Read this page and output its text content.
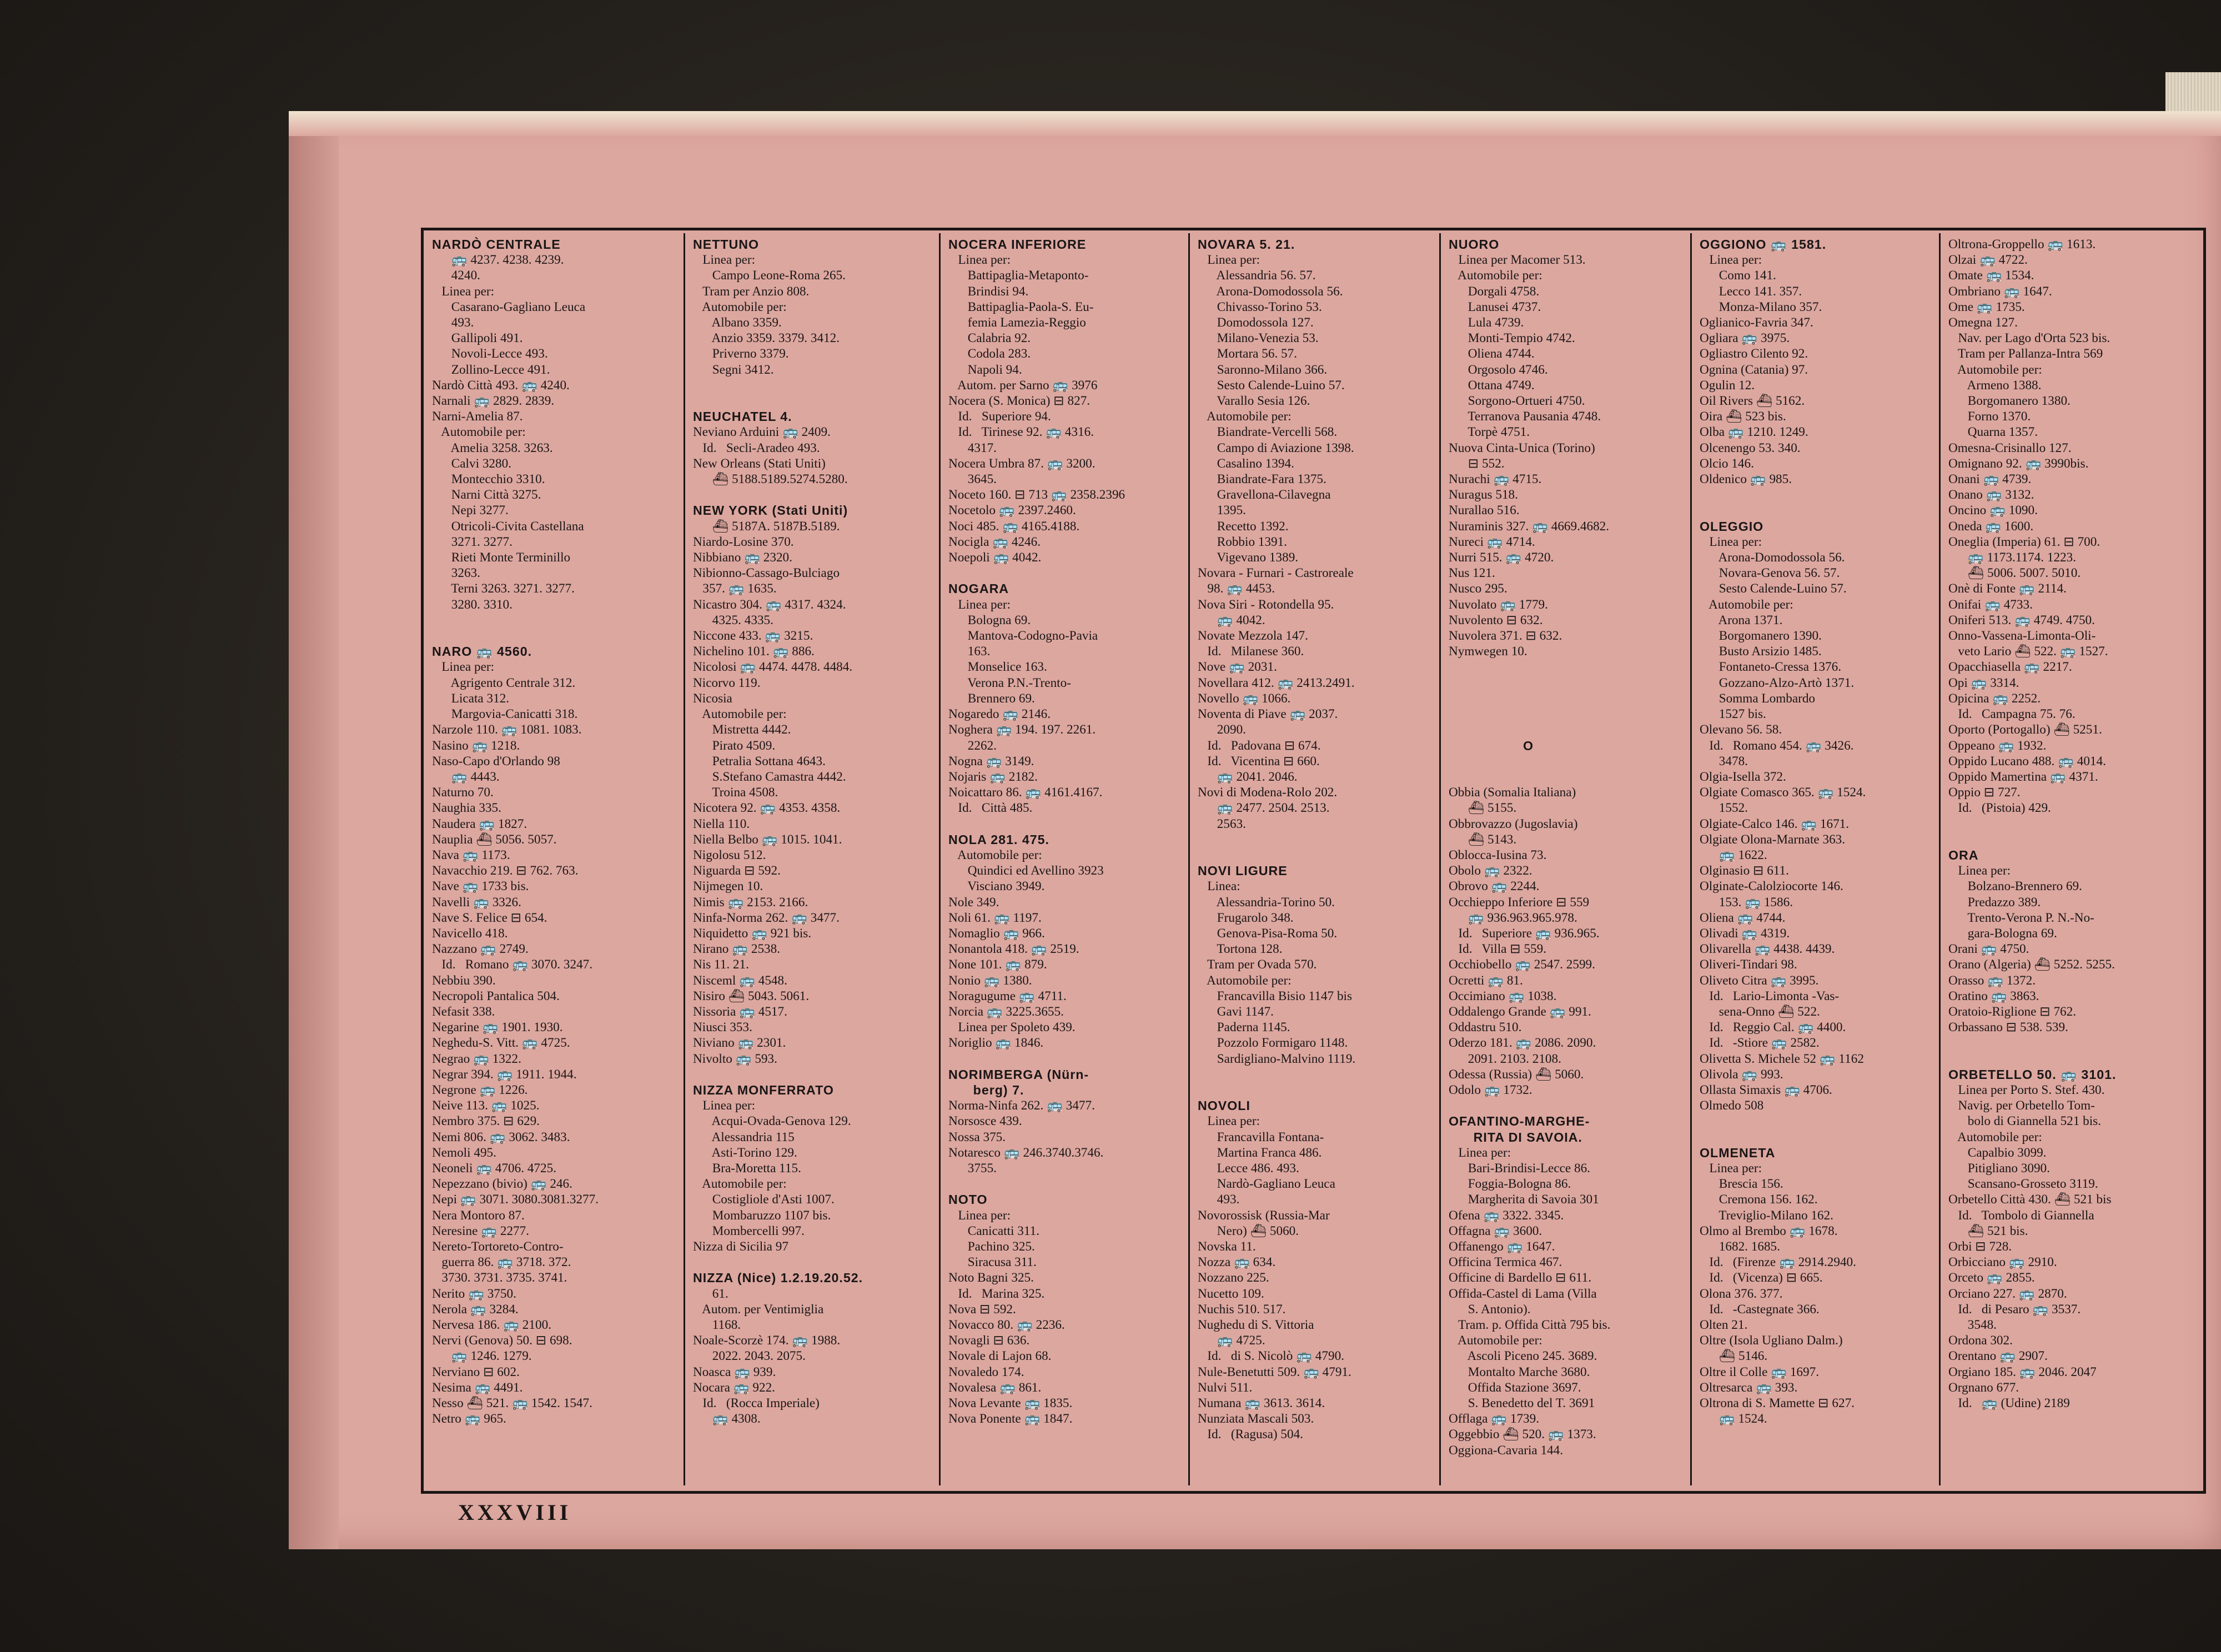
NARDÒ CENTRALE
🚌 4237. 4238. 4239.
4240.
Linea per:
Casarano-Gagliano Leuca
493.
Gallipoli 491.
Novoli-Lecce 493.
Zollino-Lecce 491.
Nardò Città 493. 🚌 4240.
Narnali 🚌 2829. 2839.
Narni-Amelia 87.
Automobile per:
Amelia 3258. 3263.
Calvi 3280.
Montecchio 3310.
Narni Città 3275.
Nepi 3277.
Otricoli-Civita Castellana
3271. 3277.
Rieti Monte Terminillo
3263.
Terni 3263. 3271. 3277.
3280. 3310.

NARO 🚌 4560.
Linea per:
Agrigento Centrale 312.
Licata 312.
Margovia-Canicatti 318.
Narzole 110. 🚌 1081. 1083.
Nasino 🚌 1218.
Naso-Capo d'Orlando 98
🚌 4443.
Naturno 70.
Naughia 335.
Naudera 🚌 1827.
Nauplia ⛴ 5056. 5057.
Nava 🚌 1173.
Navacchio 219. ⊟ 762. 763.
Nave 🚌 1733 bis.
Navelli 🚌 3326.
Nave S. Felice ⊟ 654.
Navicello 418.
Nazzano 🚌 2749.
Id.   Romano 🚌 3070. 3247.
Nebbiu 390.
Necropoli Pantalica 504.
Nefasit 338.
Negarine 🚌 1901. 1930.
Neghedu-S. Vitt. 🚌 4725.
Negrao 🚌 1322.
Negrar 394. 🚌 1911. 1944.
Negrone 🚌 1226.
Neive 113. 🚌 1025.
Nembro 375. ⊟ 629.
Nemi 806. 🚌 3062. 3483.
Nemoli 495.
Neoneli 🚌 4706. 4725.
Nepezzano (bivio) 🚌 246.
Nepi 🚌 3071. 3080.3081.3277.
Nera Montoro 87.
Neresine 🚌 2277.
Nereto-Tortoreto-Contro-
guerra 86. 🚌 3718. 372.
3730. 3731. 3735. 3741.
Nerito 🚌 3750.
Nerola 🚌 3284.
Nervesa 186. 🚌 2100.
Nervi (Genova) 50. ⊟ 698.
🚌 1246. 1279.
Nerviano ⊟ 602.
Nesima 🚌 4491.
Nesso ⛴ 521. 🚌 1542. 1547.
Netro 🚌 965.
NETTUNO
Linea per:
Campo Leone-Roma 265.
Tram per Anzio 808.
Automobile per:
Albano 3359.
Anzio 3359. 3379. 3412.
Priverno 3379.
Segni 3412.

NEUCHATEL 4.
Neviano Arduini 🚌 2409.
Id.   Secli-Aradeo 493.
New Orleans (Stati Uniti)
⛴ 5188.5189.5274.5280.

NEW YORK (Stati Uniti)
⛴ 5187A. 5187B.5189.
Niardo-Losine 370.
Nibbiano 🚌 2320.
Nibionno-Cassago-Bulciago
357. 🚌 1635.
Nicastro 304. 🚌 4317. 4324.
4325. 4335.
Niccone 433. 🚌 3215.
Nichelino 101. 🚌 886.
Nicolosi 🚌 4474. 4478. 4484.
Nicorvo 119.
Nicosia
Automobile per:
Mistretta 4442.
Pirato 4509.
Petralia Sottana 4643.
S.Stefano Camastra 4442.
Troina 4508.
Nicotera 92. 🚌 4353. 4358.
Niella 110.
Niella Belbo 🚌 1015. 1041.
Nigolosu 512.
Niguarda ⊟ 592.
Nijmegen 10.
Nimis 🚌 2153. 2166.
Ninfa-Norma 262. 🚌 3477.
Niquidetto 🚌 921 bis.
Nirano 🚌 2538.
Nis 11. 21.
Nisceml 🚌 4548.
Nisiro ⛴ 5043. 5061.
Nissoria 🚌 4517.
Niusci 353.
Niviano 🚌 2301.
Nivolto 🚌 593.

NIZZA MONFERRATO
Linea per:
Acqui-Ovada-Genova 129.
Alessandria 115
Asti-Torino 129.
Bra-Moretta 115.
Automobile per:
Costigliole d'Asti 1007.
Mombaruzzo 1107 bis.
Mombercelli 997.
Nizza di Sicilia 97

NIZZA (Nice) 1.2.19.20.52.
61.
Autom. per Ventimiglia
1168.
Noale-Scorzè 174. 🚌 1988.
2022. 2043. 2075.
Noasca 🚌 939.
Nocara 🚌 922.
Id.   (Rocca Imperiale)
🚌 4308.
NOCERA INFERIORE
Linea per:
Battipaglia-Metaponto-
Brindisi 94.
Battipaglia-Paola-S. Eu-
femia Lamezia-Reggio
Calabria 92.
Codola 283.
Napoli 94.
Autom. per Sarno 🚌 3976
Nocera (S. Monica) ⊟ 827.
Id.   Superiore 94.
Id.   Tirinese 92. 🚌 4316.
4317.
Nocera Umbra 87. 🚌 3200.
3645.
Noceto 160. ⊟ 713 🚌 2358.2396
Nocetolo 🚌 2397.2460.
Noci 485. 🚌 4165.4188.
Nocigla 🚌 4246.
Noepoli 🚌 4042.

NOGARA
Linea per:
Bologna 69.
Mantova-Codogno-Pavia
163.
Monselice 163.
Verona P.N.-Trento-
Brennero 69.
Nogaredo 🚌 2146.
Noghera 🚌 194. 197. 2261.
2262.
Nogna 🚌 3149.
Nojaris 🚌 2182.
Noicattaro 86. 🚌 4161.4167.
Id.   Città 485.

NOLA 281. 475.
Automobile per:
Quindici ed Avellino 3923
Visciano 3949.
Nole 349.
Noli 61. 🚌 1197.
Nomaglio 🚌 966.
Nonantola 418. 🚌 2519.
None 101. 🚌 879.
Nonio 🚌 1380.
Noragugume 🚌 4711.
Norcia 🚌 3225.3655.
Linea per Spoleto 439.
Noriglio 🚌 1846.

NORIMBERGA (Nürn-
berg) 7.
Norma-Ninfa 262. 🚌 3477.
Norsosce 439.
Nossa 375.
Notaresco 🚌 246.3740.3746.
3755.

NOTO
Linea per:
Canicatti 311.
Pachino 325.
Siracusa 311.
Noto Bagni 325.
Id.   Marina 325.
Nova ⊟ 592.
Novacco 80. 🚌 2236.
Novagli ⊟ 636.
Novale di Lajon 68.
Novaledo 174.
Novalesa 🚌 861.
Nova Levante 🚌 1835.
Nova Ponente 🚌 1847.
NOVARA 5. 21.
Linea per:
Alessandria 56. 57.
Arona-Domodossola 56.
Chivasso-Torino 53.
Domodossola 127.
Milano-Venezia 53.
Mortara 56. 57.
Saronno-Milano 366.
Sesto Calende-Luino 57.
Varallo Sesia 126.
Automobile per:
Biandrate-Vercelli 568.
Campo di Aviazione 1398.
Casalino 1394.
Biandrate-Fara 1375.
Gravellona-Cilavegna
1395.
Recetto 1392.
Robbio 1391.
Vigevano 1389.
Novara - Furnari - Castroreale
98. 🚌 4453.
Nova Siri - Rotondella 95.
🚌 4042.
Novate Mezzola 147.
Id.   Milanese 360.
Nove 🚌 2031.
Novellara 412. 🚌 2413.2491.
Novello 🚌 1066.
Noventa di Piave 🚌 2037.
2090.
Id.   Padovana ⊟ 674.
Id.   Vicentina ⊟ 660.
🚌 2041. 2046.
Novi di Modena-Rolo 202.
🚌 2477. 2504. 2513.
2563.

NOVI LIGURE
Linea:
Alessandria-Torino 50.
Frugarolo 348.
Genova-Pisa-Roma 50.
Tortona 128.
Tram per Ovada 570.
Automobile per:
Francavilla Bisio 1147 bis
Gavi 1147.
Paderna 1145.
Pozzolo Formigaro 1148.
Sardigliano-Malvino 1119.

NOVOLI
Linea per:
Francavilla Fontana-
Martina Franca 486.
Lecce 486. 493.
Nardò-Gagliano Leuca
493.
Novorossisk (Russia-Mar
Nero) ⛴ 5060.
Novska 11.
Nozza 🚌 634.
Nozzano 225.
Nucetto 109.
Nuchis 510. 517.
Nughedu di S. Vittoria
🚌 4725.
Id.   di S. Nicolò 🚌 4790.
Nule-Benetutti 509. 🚌 4791.
Nulvi 511.
Numana 🚌 3613. 3614.
Nunziata Mascali 503.
Id.   (Ragusa) 504.
NUORO
Linea per Macomer 513.
Automobile per:
Dorgali 4758.
Lanusei 4737.
Lula 4739.
Monti-Tempio 4742.
Oliena 4744.
Orgosolo 4746.
Ottana 4749.
Sorgono-Ortueri 4750.
Terranova Pausania 4748.
Torpè 4751.
Nuova Cinta-Unica (Torino)
⊟ 552.
Nurachi 🚌 4715.
Nuragus 518.
Nurallao 516.
Nuraminis 327. 🚌 4669.4682.
Nureci 🚌 4714.
Nurri 515. 🚌 4720.
Nus 121.
Nusco 295.
Nuvolato 🚌 1779.
Nuvolento ⊟ 632.
Nuvolera 371. ⊟ 632.
Nymwegen 10.

O

Obbia (Somalia Italiana)
⛴ 5155.
Obbrovazzo (Jugoslavia)
⛴ 5143.
Oblocca-Iusina 73.
Obolo 🚌 2322.
Obrovo 🚌 2244.
Occhieppo Inferiore ⊟ 559
🚌 936.963.965.978.
Id.   Superiore 🚌 936.965.
Id.   Villa ⊟ 559.
Occhiobello 🚌 2547. 2599.
Ocretti 🚌 81.
Occimiano 🚌 1038.
Oddalengo Grande 🚌 991.
Oddastru 510.
Oderzo 181. 🚌 2086. 2090.
2091. 2103. 2108.
Odessa (Russia) ⛴ 5060.
Odolo 🚌 1732.

OFANTINO-MARGHE-
RITA DI SAVOIA.
Linea per:
Bari-Brindisi-Lecce 86.
Foggia-Bologna 86.
Margherita di Savoia 301
Ofena 🚌 3322. 3345.
Offagna 🚌 3600.
Offanengo 🚌 1647.
Officina Termica 467.
Officine di Bardello ⊟ 611.
Offida-Castel di Lama (Villa
S. Antonio).
Tram. p. Offida Città 795 bis.
Automobile per:
Ascoli Piceno 245. 3689.
Montalto Marche 3680.
Offida Stazione 3697.
S. Benedetto del T. 3691
Offlaga 🚌 1739.
Oggebbio ⛴ 520. 🚌 1373.
Oggiona-Cavaria 144.
OGGIONO 🚌 1581.
Linea per:
Como 141.
Lecco 141. 357.
Monza-Milano 357.
Oglianico-Favria 347.
Ogliara 🚌 3975.
Ogliastro Cilento 92.
Ognina (Catania) 97.
Ogulin 12.
Oil Rivers ⛴ 5162.
Oira ⛴ 523 bis.
Olba 🚌 1210. 1249.
Olcenengo 53. 340.
Olcio 146.
Oldenico 🚌 985.

OLEGGIO
Linea per:
Arona-Domodossola 56.
Novara-Genova 56. 57.
Sesto Calende-Luino 57.
Automobile per:
Arona 1371.
Borgomanero 1390.
Busto Arsizio 1485.
Fontaneto-Cressa 1376.
Gozzano-Alzo-Artò 1371.
Somma Lombardo
1527 bis.
Olevano 56. 58.
Id.   Romano 454. 🚌 3426.
3478.
Olgia-Isella 372.
Olgiate Comasco 365. 🚌 1524.
1552.
Olgiate-Calco 146. 🚌 1671.
Olgiate Olona-Marnate 363.
🚌 1622.
Olginasio ⊟ 611.
Olginate-Calolziocorte 146.
153. 🚌 1586.
Oliena 🚌 4744.
Olivadi 🚌 4319.
Olivarella 🚌 4438. 4439.
Oliveri-Tindari 98.
Oliveto Citra 🚌 3995.
Id.   Lario-Limonta -Vas-
sena-Onno ⛴ 522.
Id.   Reggio Cal. 🚌 4400.
Id.   -Stiore 🚌 2582.
Olivetta S. Michele 52 🚌 1162
Olivola 🚌 993.
Ollasta Simaxis 🚌 4706.
Olmedo 508

OLMENETA
Linea per:
Brescia 156.
Cremona 156. 162.
Treviglio-Milano 162.
Olmo al Brembo 🚌 1678.
1682. 1685.
Id.   (Firenze 🚌 2914.2940.
Id.   (Vicenza) ⊟ 665.
Olona 376. 377.
Id.   -Castegnate 366.
Olten 21.
Oltre (Isola Ugliano Dalm.)
⛴ 5146.
Oltre il Colle 🚌 1697.
Oltresarca 🚌 393.
Oltrona di S. Mamette ⊟ 627.
🚌 1524.
Oltrona-Groppello 🚌 1613.
Olzai 🚌 4722.
Omate 🚌 1534.
Ombriano 🚌 1647.
Ome 🚌 1735.
Omegna 127.
Nav. per Lago d'Orta 523 bis.
Tram per Pallanza-Intra 569
Automobile per:
Armeno 1388.
Borgomanero 1380.
Forno 1370.
Quarna 1357.
Omesna-Crisinallo 127.
Omignano 92. 🚌 3990bis.
Onani 🚌 4739.
Onano 🚌 3132.
Oncino 🚌 1090.
Oneda 🚌 1600.
Oneglia (Imperia) 61. ⊟ 700.
🚌 1173.1174. 1223.
⛴ 5006. 5007. 5010.
Onè di Fonte 🚌 2114.
Onifai 🚌 4733.
Oniferi 513. 🚌 4749. 4750.
Onno-Vassena-Limonta-Oli-
veto Lario ⛴ 522. 🚌 1527.
Opacchiasella 🚌 2217.
Opi 🚌 3314.
Opicina 🚌 2252.
Id.   Campagna 75. 76.
Oporto (Portogallo) ⛴ 5251.
Oppeano 🚌 1932.
Oppido Lucano 488. 🚌 4014.
Oppido Mamertina 🚌 4371.
Oppio ⊟ 727.
Id.   (Pistoia) 429.

ORA
Linea per:
Bolzano-Brennero 69.
Predazzo 389.
Trento-Verona P. N.-No-
gara-Bologna 69.
Orani 🚌 4750.
Orano (Algeria) ⛴ 5252. 5255.
Orasso 🚌 1372.
Oratino 🚌 3863.
Oratoio-Riglione ⊟ 762.
Orbassano ⊟ 538. 539.

ORBETELLO 50. 🚌 3101.
Linea per Porto S. Stef. 430.
Navig. per Orbetello Tom-
bolo di Giannella 521 bis.
Automobile per:
Capalbio 3099.
Pitigliano 3090.
Scansano-Grosseto 3119.
Orbetello Città 430. ⛴ 521 bis
Id.   Tombolo di Giannella
⛴ 521 bis.
Orbi ⊟ 728.
Orbicciano 🚌 2910.
Orceto 🚌 2855.
Orciano 227. 🚌 2870.
Id.   di Pesaro 🚌 3537.
3548.
Ordona 302.
Orentano 🚌 2907.
Orgiano 185. 🚌 2046. 2047
Orgnano 677.
Id.   🚌 (Udine) 2189
XXXVIII
